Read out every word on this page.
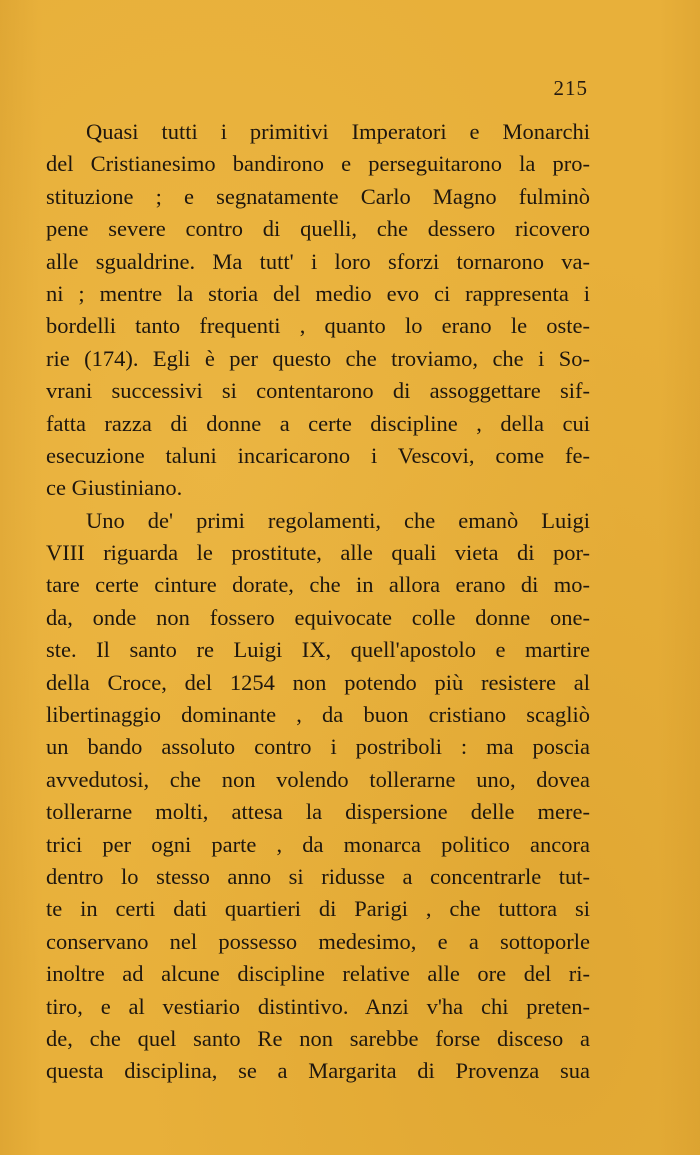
215
Quasi tutti i primitivi Imperatori e Monarchi
del Cristianesimo bandirono e perseguitarono la pro-
stituzione ; e segnatamente Carlo Magno fulminò
pene severe contro di quelli, che dessero ricovero
alle sgualdrine. Ma tutt' i loro sforzi tornarono va-
ni ; mentre la storia del medio evo ci rappresenta i
bordelli tanto frequenti , quanto lo erano le oste-
rie (174). Egli è per questo che troviamo, che i So-
vrani successivi si contentarono di assoggettare sif-
fatta razza di donne a certe discipline , della cui
esecuzione taluni incaricarono i Vescovi, come fe-
ce Giustiniano.
Uno de' primi regolamenti, che emanò Luigi
VIII riguarda le prostitute, alle quali vieta di por-
tare certe cinture dorate, che in allora erano di mo-
da, onde non fossero equivocate colle donne one-
ste. Il santo re Luigi IX, quell'apostolo e martire
della Croce, del 1254 non potendo più resistere al
libertinaggio dominante , da buon cristiano scagliò
un bando assoluto contro i postriboli : ma poscia
avvedutosi, che non volendo tollerarne uno, dovea
tollerarne molti, attesa la dispersione delle mere-
trici per ogni parte , da monarca politico ancora
dentro lo stesso anno si ridusse a concentrarle tut-
te in certi dati quartieri di Parigi , che tuttora si
conservano nel possesso medesimo, e a sottoporle
inoltre ad alcune discipline relative alle ore del ri-
tiro, e al vestiario distintivo. Anzi v'ha chi preten-
de, che quel santo Re non sarebbe forse disceso a
questa disciplina, se a Margarita di Provenza sua
